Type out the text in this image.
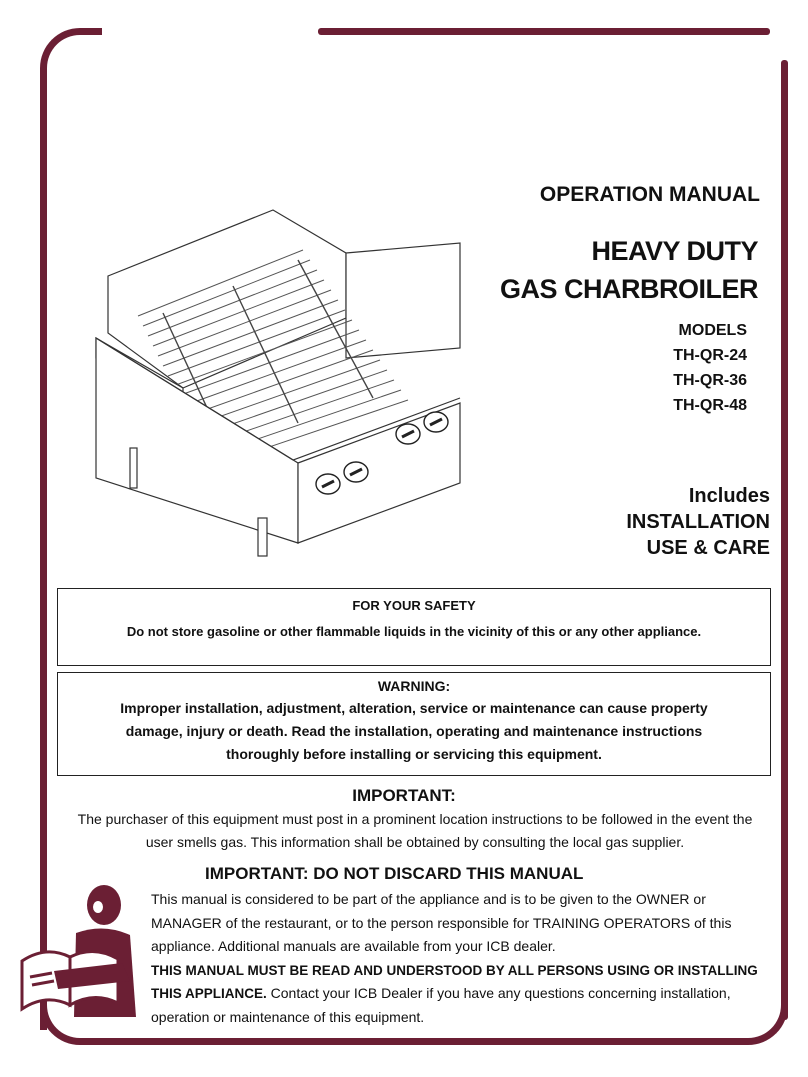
OPERATION MANUAL
HEAVY DUTY
GAS CHARBROILER
MODELS
TH-QR-24
TH-QR-36
TH-QR-48
Includes
INSTALLATION
USE & CARE
FOR YOUR SAFETY
Do not store gasoline or other flammable liquids in the vicinity of this or any other appliance.
WARNING:
Improper installation, adjustment, alteration, service or maintenance can cause property damage, injury or death. Read the installation, operating and maintenance instructions thoroughly before installing or servicing this equipment.
IMPORTANT:
The purchaser of this equipment must post in a prominent location instructions to be followed in the event the user smells gas. This information shall be obtained by consulting the local gas supplier.
IMPORTANT: DO NOT DISCARD THIS MANUAL
This manual is considered to be part of the appliance and is to be given to the OWNER or MANAGER of the restaurant, or to the person responsible for TRAINING OPERATORS of this appliance. Additional manuals are available from your ICB dealer.
THIS MANUAL MUST BE READ AND UNDERSTOOD BY ALL PERSONS USING OR INSTALLING THIS APPLIANCE. Contact your ICB Dealer if you have any questions concerning installation, operation or maintenance of this equipment.
